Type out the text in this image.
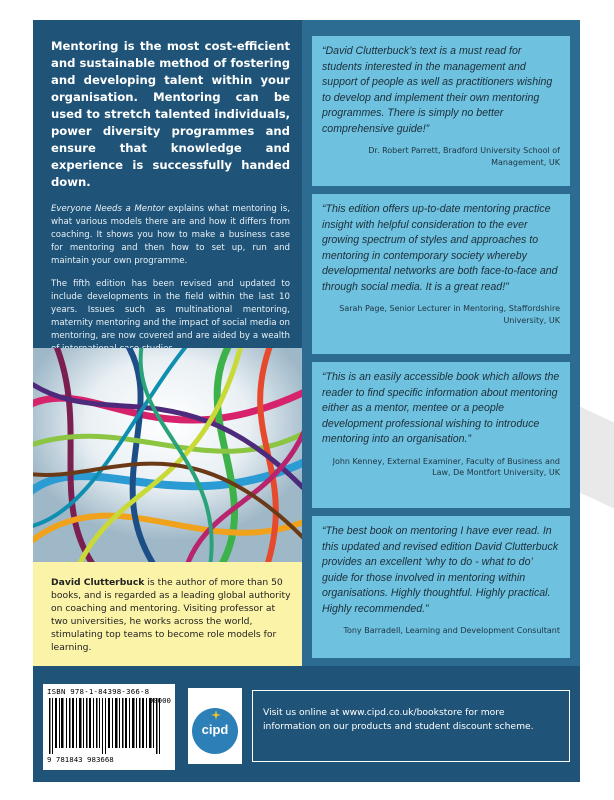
Mentoring is the most cost-efficient and sustainable method of fostering and developing talent within your organisation. Mentoring can be used to stretch talented individuals, power diversity programmes and ensure that knowledge and experience is successfully handed down.

Everyone Needs a Mentor explains what mentoring is, what various models there are and how it differs from coaching. It shows you how to make a business case for mentoring and then how to set up, run and maintain your own programme.

The fifth edition has been revised and updated to include developments in the field within the last 10 years. Issues such as multinational mentoring, maternity mentoring and the impact of social media on mentoring, are now covered and are aided by a wealth

David Clutterbuck is the author of more than 50 books, and is regarded as a leading global authority on coaching and mentoring. Visiting professor at two universities, he works across the world, stimulating top teams to become role models for learning.

“David Clutterbuck’s text is a must read for students interested in the management and support of people as well as practitioners wishing to develop and implement their own mentoring programmes. There is simply no better comprehensive guide!”

Dr. Robert Parrett, Bradford University School of Management, UK

“This edition offers up-to-date mentoring practice insight with helpful consideration to the ever growing spectrum of styles and approaches to mentoring in contemporary society whereby developmental networks are both face-to-face and through social media. It is a great read!”

Sarah Page, Senior Lecturer in Mentoring, Staffordshire University, UK

“This is an easily accessible book which allows the reader to find specific information about mentoring either as a mentor, mentee or a people development professional wishing to introduce mentoring into an organisation.”

John Kenney, External Examiner, Faculty of Business and Law, De Montfort University, UK

“The best book on mentoring I have ever read. In this updated and revised edition David Clutterbuck provides an excellent ‘why to do - what to do’ guide for those involved in mentoring within organisations. Highly thoughtful. Highly practical. Highly recommended.”

Tony Barradell, Learning and Development Consultant

ISBN 978-1-84398-366-8
90000
9 781843 983668
cipd
Visit us online at www.cipd.co.uk/bookstore for more information on our products and student discount scheme.
